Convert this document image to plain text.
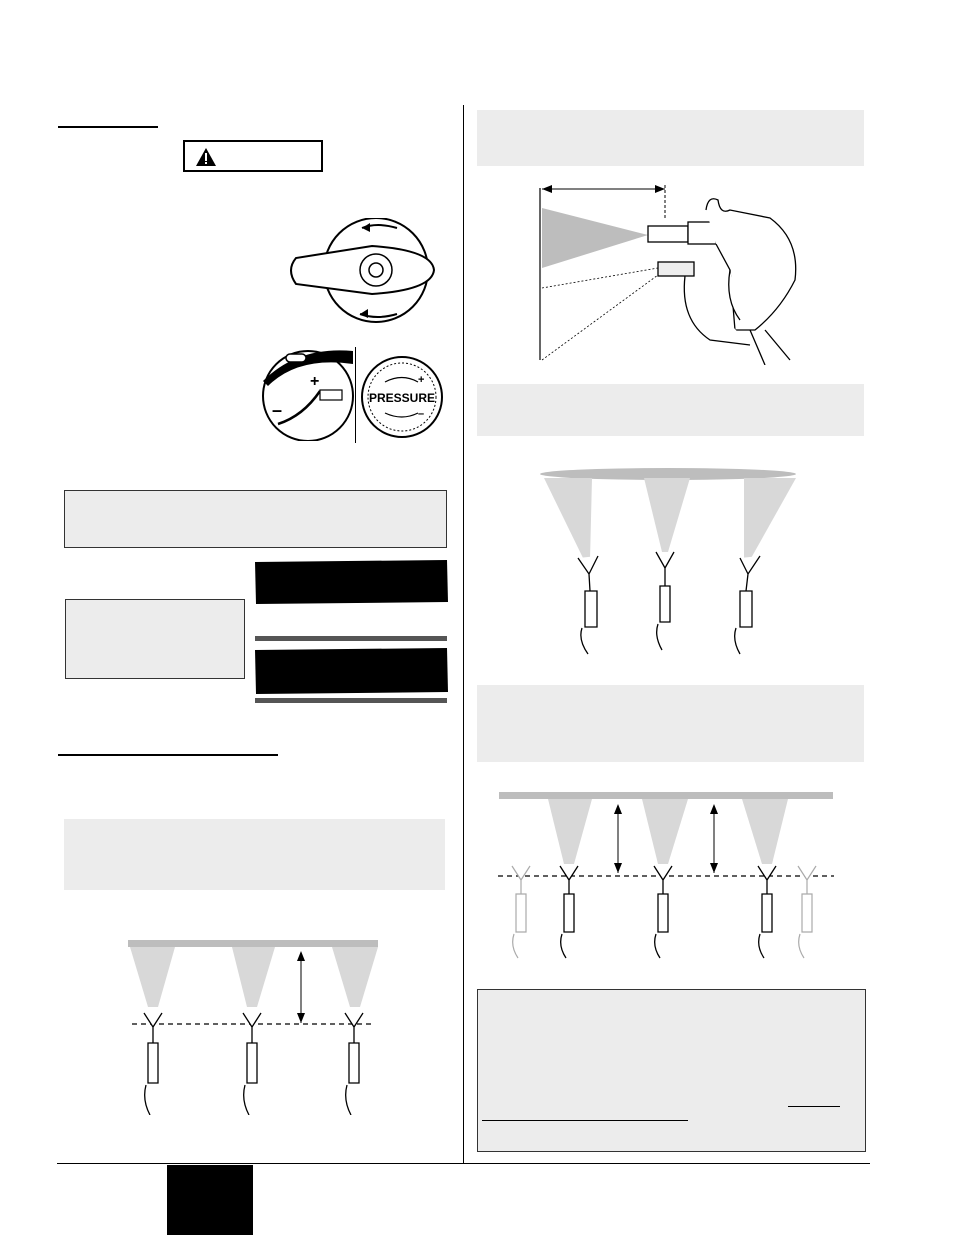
–
+
PRESSURE
+
–
